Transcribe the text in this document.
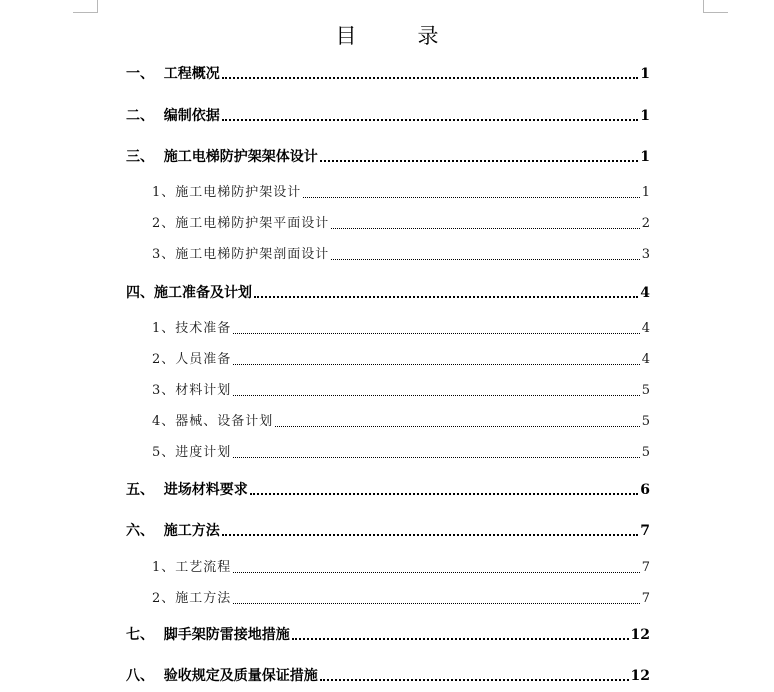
目　录
一、 工程概况	1
二、 编制依据	1
三、 施工电梯防护架架体设计	1
1、 施工电梯防护架设计	1
2、 施工电梯防护架平面设计	2
3、 施工电梯防护架剖面设计	3
四、 施工准备及计划	4
1、 技术准备	4
2、 人员准备	4
3、 材料计划	5
4、 器械、设备计划	5
5、 进度计划	5
五、 进场材料要求	6
六、 施工方法	7
1、 工艺流程	7
2、 施工方法	7
七、 脚手架防雷接地措施	12
八、 验收规定及质量保证措施	12
